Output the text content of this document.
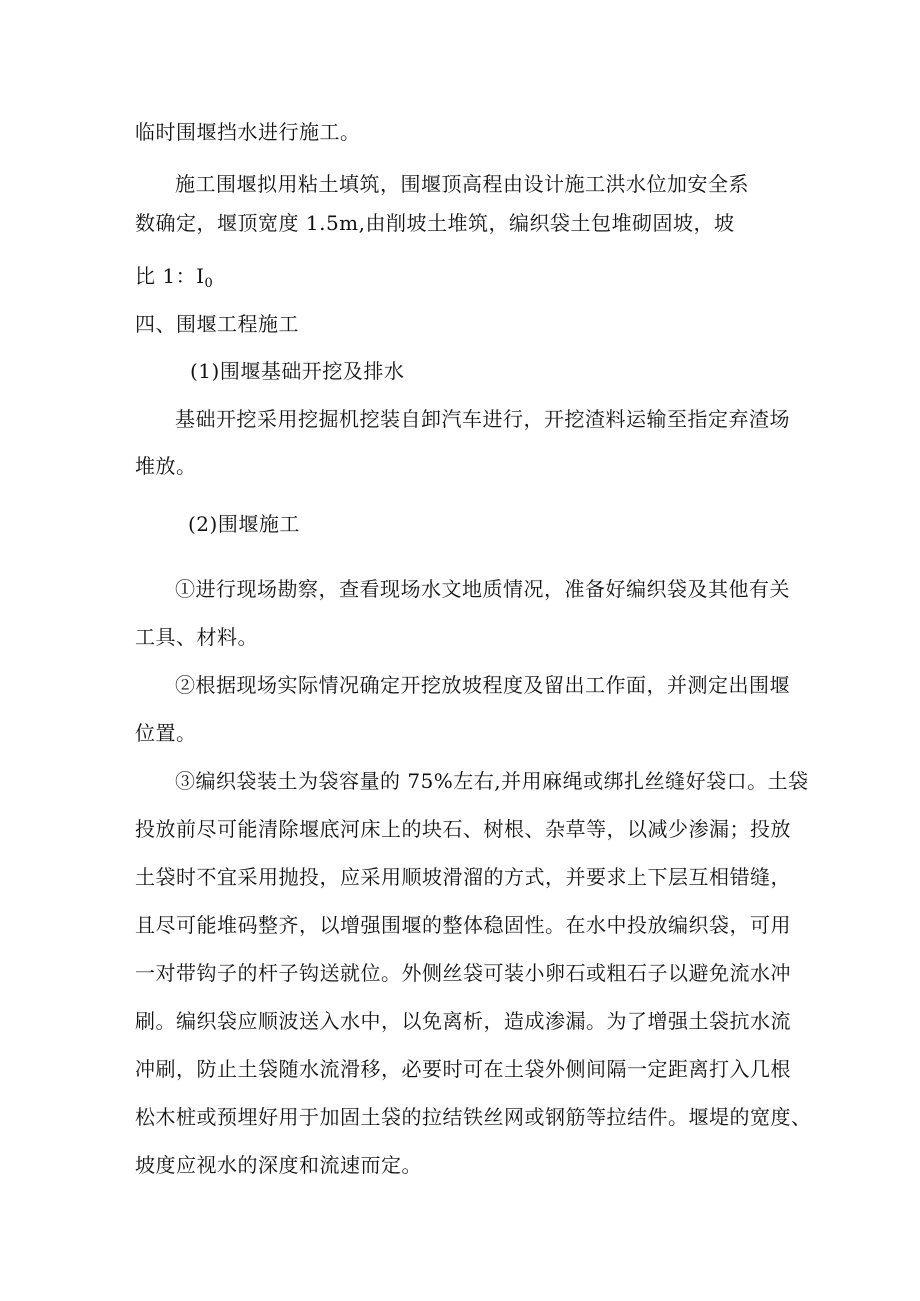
临时围堰挡水进行施工。
施工围堰拟用粘土填筑，围堰顶高程由设计施工洪水位加安全系
数确定，堰顶宽度 1.5m,由削坡土堆筑，编织袋土包堆砌固坡，坡
比 1：$I_0$
四、围堰工程施工
(1)围堰基础开挖及排水
基础开挖采用挖掘机挖装自卸汽车进行，开挖渣料运输至指定弃渣场
堆放。
(2)围堰施工
①进行现场勘察，查看现场水文地质情况，准备好编织袋及其他有关
工具、材料。
②根据现场实际情况确定开挖放坡程度及留出工作面，并测定出围堰
位置。
③编织袋装土为袋容量的 75%左右,并用麻绳或绑扎丝缝好袋口。土袋
投放前尽可能清除堰底河床上的块石、树根、杂草等，以减少渗漏；投放
土袋时不宜采用抛投，应采用顺坡滑溜的方式，并要求上下层互相错缝，
且尽可能堆码整齐，以增强围堰的整体稳固性。在水中投放编织袋，可用
一对带钩子的杆子钩送就位。外侧丝袋可装小卵石或粗石子以避免流水冲
刷。编织袋应顺波送入水中，以免离析，造成渗漏。为了增强土袋抗水流
冲刷，防止土袋随水流滑移，必要时可在土袋外侧间隔一定距离打入几根
松木桩或预埋好用于加固土袋的拉结铁丝网或钢筋等拉结件。堰堤的宽度、
坡度应视水的深度和流速而定。
